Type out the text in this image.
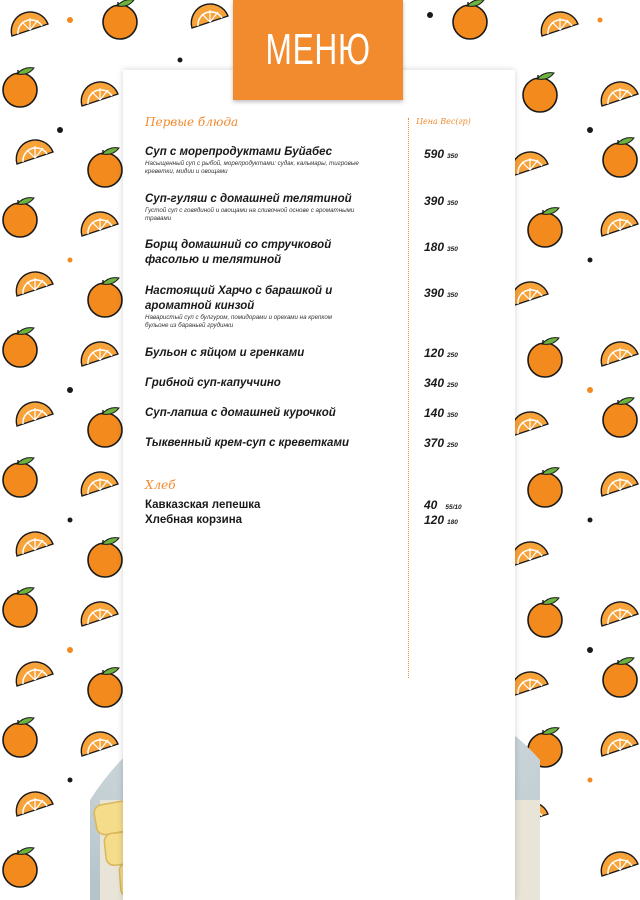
МЕНЮ
Первые блюда	Цена Вес(гр)
Суп с морепродуктами Буйабес
Насыщенный суп с рыбой, морепродуктами: судак, кальмары, тигровые креветки, мидии и овощами
590 350
Суп-гуляш с домашней телятиной
Густой суп с говядиной и овощами на сливочной основе с ароматными травами
390 350
Борщ домашний со стручковой фасолью и телятиной
180 350
Настоящий Харчо с барашкой и ароматной кинзой
Наваристый суп с булгуром, помидорами и орехами на крепком бульоне из бараньей грудинки
390 350
Бульон с яйцом и гренками	120 250
Грибной суп-капуччино	340 250
Суп-лапша с домашней курочкой	140 350
Тыквенный крем-суп с креветками	370 250
Хлеб
Кавказская лепешка	40 55/10
Хлебная корзина	120 180
